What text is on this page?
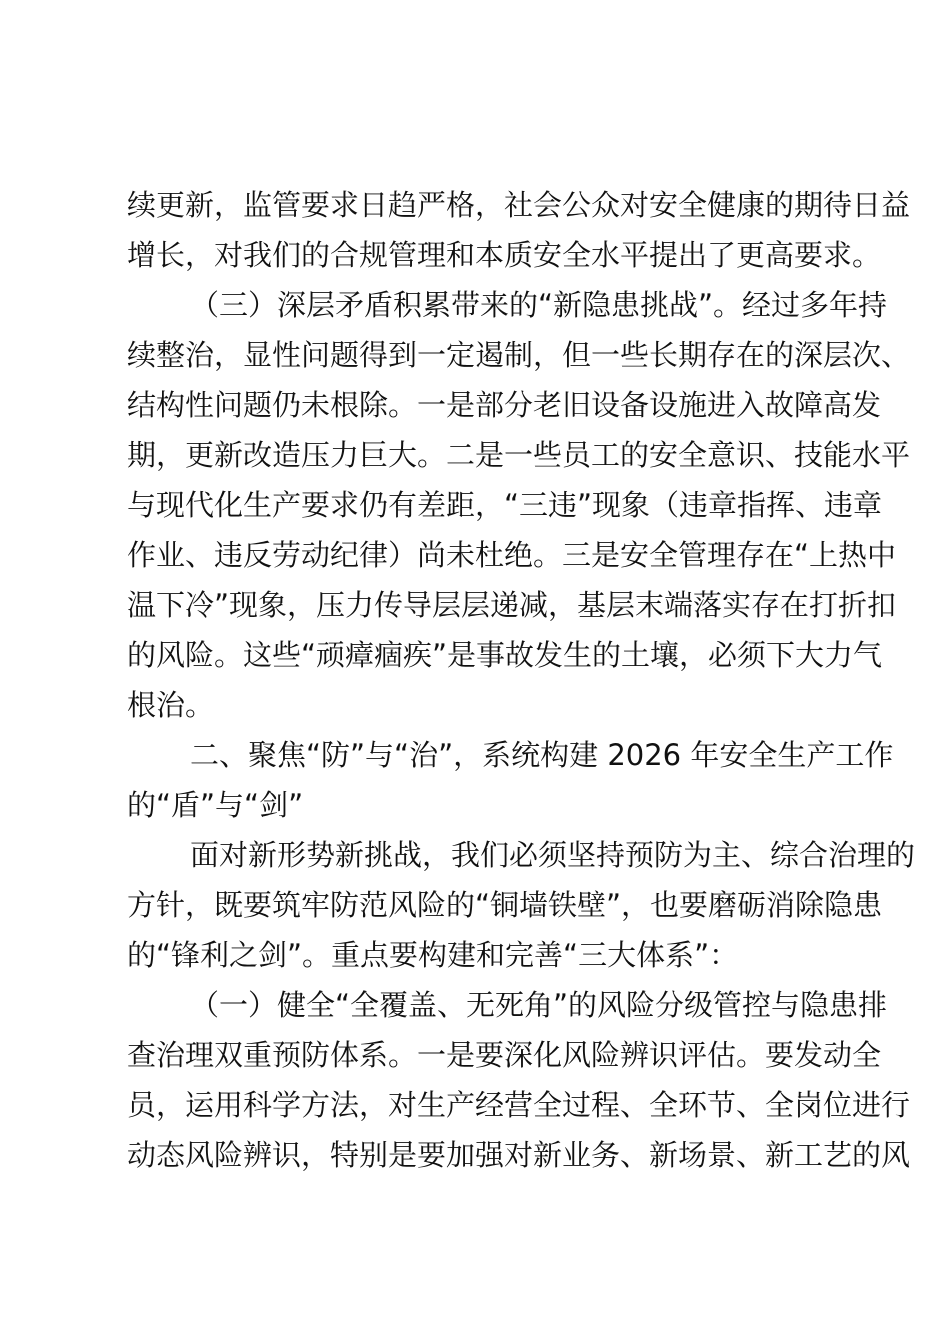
续更新，监管要求日趋严格，社会公众对安全健康的期待日益
增长，对我们的合规管理和本质安全水平提出了更高要求。
（三）深层矛盾积累带来的“新隐患挑战”。经过多年持
续整治，显性问题得到一定遏制，但一些长期存在的深层次、
结构性问题仍未根除。一是部分老旧设备设施进入故障高发
期，更新改造压力巨大。二是一些员工的安全意识、技能水平
与现代化生产要求仍有差距，“三违”现象（违章指挥、违章
作业、违反劳动纪律）尚未杜绝。三是安全管理存在“上热中
温下冷”现象，压力传导层层递减，基层末端落实存在打折扣
的风险。这些“顽瘴痼疾”是事故发生的土壤，必须下大力气
根治。
二、聚焦“防”与“治”，系统构建 2026 年安全生产工作
的“盾”与“剑”
面对新形势新挑战，我们必须坚持预防为主、综合治理的
方针，既要筑牢防范风险的“铜墙铁壁”，也要磨砺消除隐患
的“锋利之剑”。重点要构建和完善“三大体系”：
（一）健全“全覆盖、无死角”的风险分级管控与隐患排
查治理双重预防体系。一是要深化风险辨识评估。要发动全
员，运用科学方法，对生产经营全过程、全环节、全岗位进行
动态风险辨识，特别是要加强对新业务、新场景、新工艺的风
